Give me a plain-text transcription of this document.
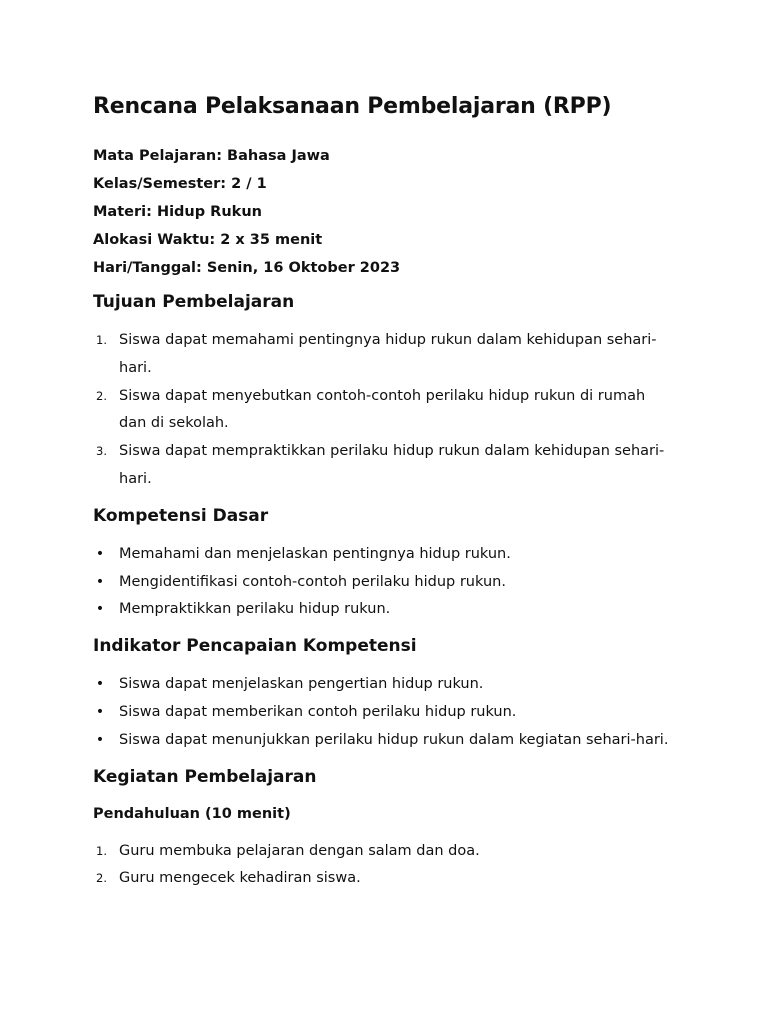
Rencana Pelaksanaan Pembelajaran (RPP)

Mata Pelajaran: Bahasa Jawa

Kelas/Semester: 2 / 1

Materi: Hidup Rukun

Alokasi Waktu: 2 x 35 menit

Hari/Tanggal: Senin, 16 Oktober 2023

Tujuan Pembelajaran
1. Siswa dapat memahami pentingnya hidup rukun dalam kehidupan sehari-hari.
2. Siswa dapat menyebutkan contoh-contoh perilaku hidup rukun di rumah dan di sekolah.
3. Siswa dapat mempraktikkan perilaku hidup rukun dalam kehidupan sehari-hari.
Kompetensi Dasar
• Memahami dan menjelaskan pentingnya hidup rukun.
• Mengidentifikasi contoh-contoh perilaku hidup rukun.
• Mempraktikkan perilaku hidup rukun.
Indikator Pencapaian Kompetensi
• Siswa dapat menjelaskan pengertian hidup rukun.
• Siswa dapat memberikan contoh perilaku hidup rukun.
• Siswa dapat menunjukkan perilaku hidup rukun dalam kegiatan sehari-hari.
Kegiatan Pembelajaran
Pendahuluan (10 menit)
1. Guru membuka pelajaran dengan salam dan doa.
2. Guru mengecek kehadiran siswa.
